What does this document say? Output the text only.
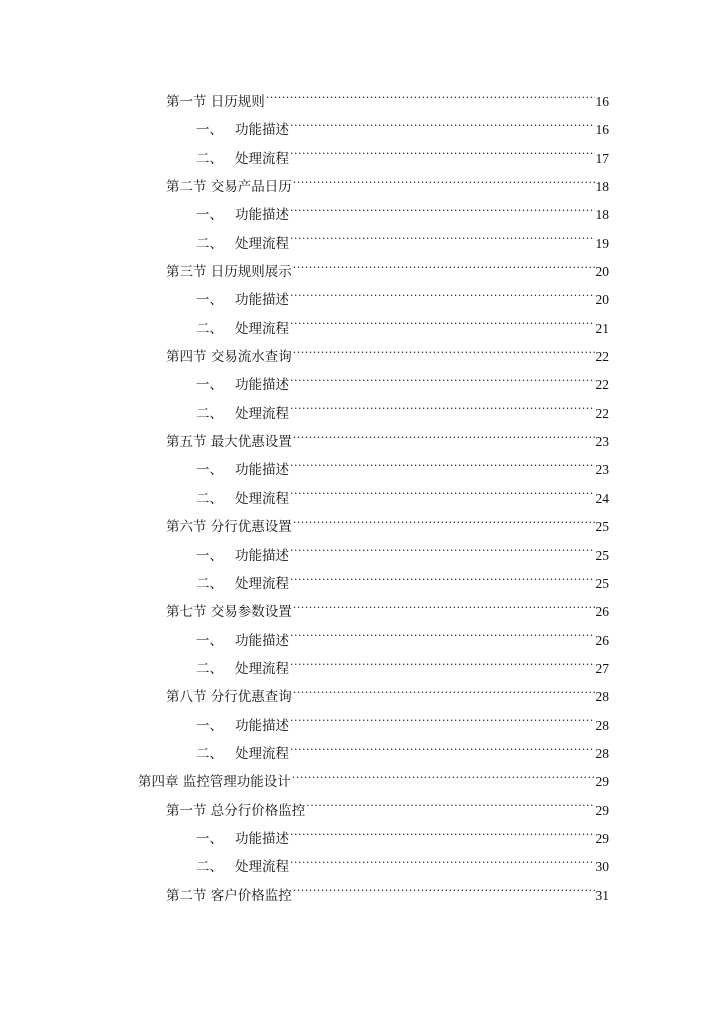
第一节 日历规则 .....	16
一、 功能描述 .....	16
二、 处理流程 .....	17
第二节 交易产品日历 .....	18
一、 功能描述 .....	18
二、 处理流程 .....	19
第三节 日历规则展示 .....	20
一、 功能描述 .....	20
二、 处理流程 .....	21
第四节 交易流水查询 .....	22
一、 功能描述 .....	22
二、 处理流程 .....	22
第五节 最大优惠设置 .....	23
一、 功能描述 .....	23
二、 处理流程 .....	24
第六节 分行优惠设置 .....	25
一、 功能描述 .....	25
二、 处理流程 .....	25
第七节 交易参数设置 .....	26
一、 功能描述 .....	26
二、 处理流程 .....	27
第八节 分行优惠查询 .....	28
一、 功能描述 .....	28
二、 处理流程 .....	28
第四章 监控管理功能设计 .....	29
第一节 总分行价格监控 .....	29
一、 功能描述 .....	29
二、 处理流程 .....	30
第二节 客户价格监控 .....	31
